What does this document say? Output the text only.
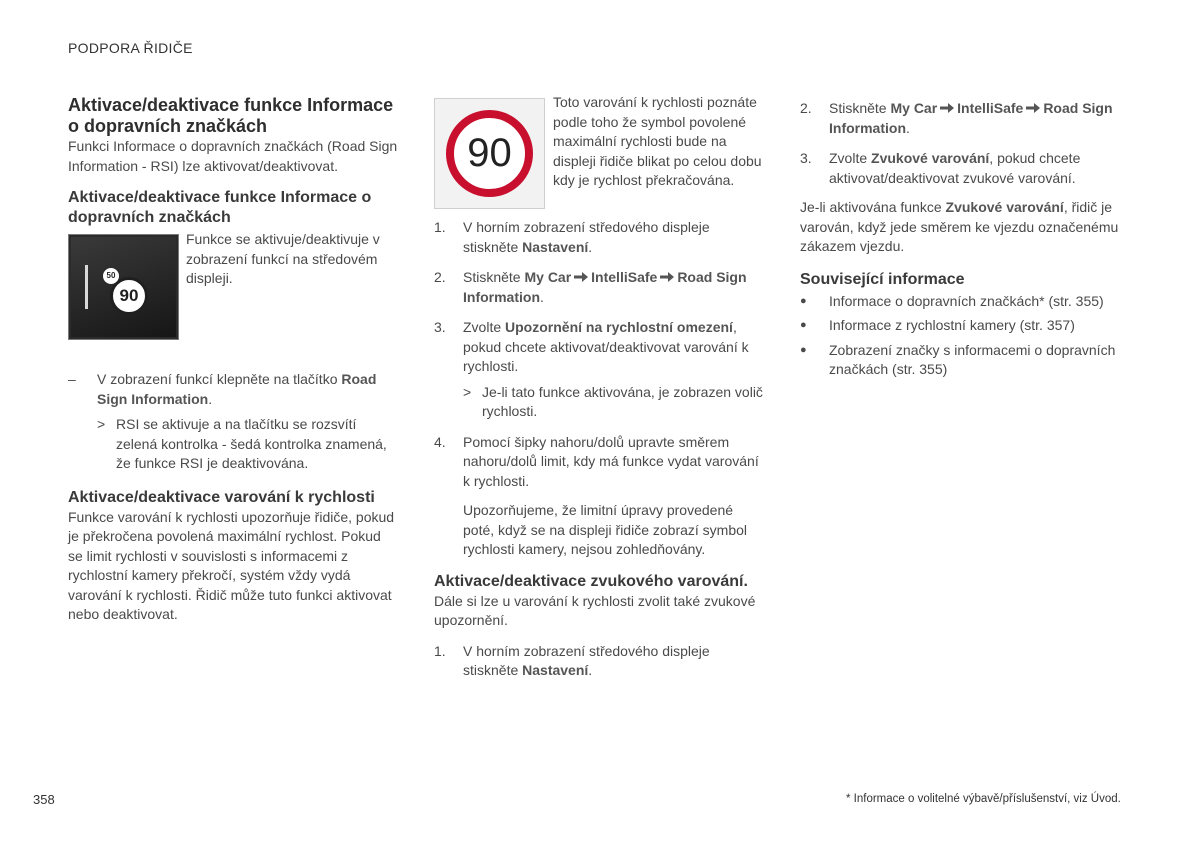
PODPORA ŘIDIČE

Aktivace/deaktivace funkce Informace o dopravních značkách

Funkci Informace o dopravních značkách (Road Sign Information - RSI) lze aktivovat/deaktivovat.

Aktivace/deaktivace funkce Informace o dopravních značkách

50
90

Funkce se aktivuje/deaktivuje v zobrazení funkcí na středovém displeji.

–	V zobrazení funkcí klepněte na tlačítko Road Sign Information.

> RSI se aktivuje a na tlačítku se rozsvítí zelená kontrolka - šedá kontrolka znamená, že funkce RSI je deaktivována.

Aktivace/deaktivace varování k rychlosti

Funkce varování k rychlosti upozorňuje řidiče, pokud je překročena povolená maximální rychlost. Pokud se limit rychlosti v souvislosti s informacemi z rychlostní kamery překročí, systém vždy vydá varování k rychlosti. Řidič může tuto funkci aktivovat nebo deaktivovat.

90

Toto varování k rychlosti poznáte podle toho že symbol povolené maximální rychlosti bude na displeji řidiče blikat po celou dobu kdy je rychlost překračována.

1.	V horním zobrazení středového displeje stiskněte Nastavení.

2.	Stiskněte My Car IntelliSafe Road Sign Information.

3.	Zvolte Upozornění na rychlostní omezení, pokud chcete aktivovat/deaktivovat varování k rychlosti.

> Je-li tato funkce aktivována, je zobrazen volič rychlosti.

4.	Pomocí šipky nahoru/dolů upravte směrem nahoru/dolů limit, kdy má funkce vydat varování k rychlosti.

Upozorňujeme, že limitní úpravy provedené poté, když se na displeji řidiče zobrazí symbol rychlosti kamery, nejsou zohledňovány.

Aktivace/deaktivace zvukového varování.

Dále si lze u varování k rychlosti zvolit také zvukové upozornění.

1.	V horním zobrazení středového displeje stiskněte Nastavení.

2.	Stiskněte My Car IntelliSafe Road Sign Information.

3.	Zvolte Zvukové varování, pokud chcete aktivovat/deaktivovat zvukové varování.

Je-li aktivována funkce Zvukové varování, řidič je varován, když jede směrem ke vjezdu označenému zákazem vjezdu.

Související informace

●	Informace o dopravních značkách* (str. 355)

●	Informace z rychlostní kamery (str. 357)

●	Zobrazení značky s informacemi o dopravních značkách (str. 355)

358	* Informace o volitelné výbavě/příslušenství, viz Úvod.
